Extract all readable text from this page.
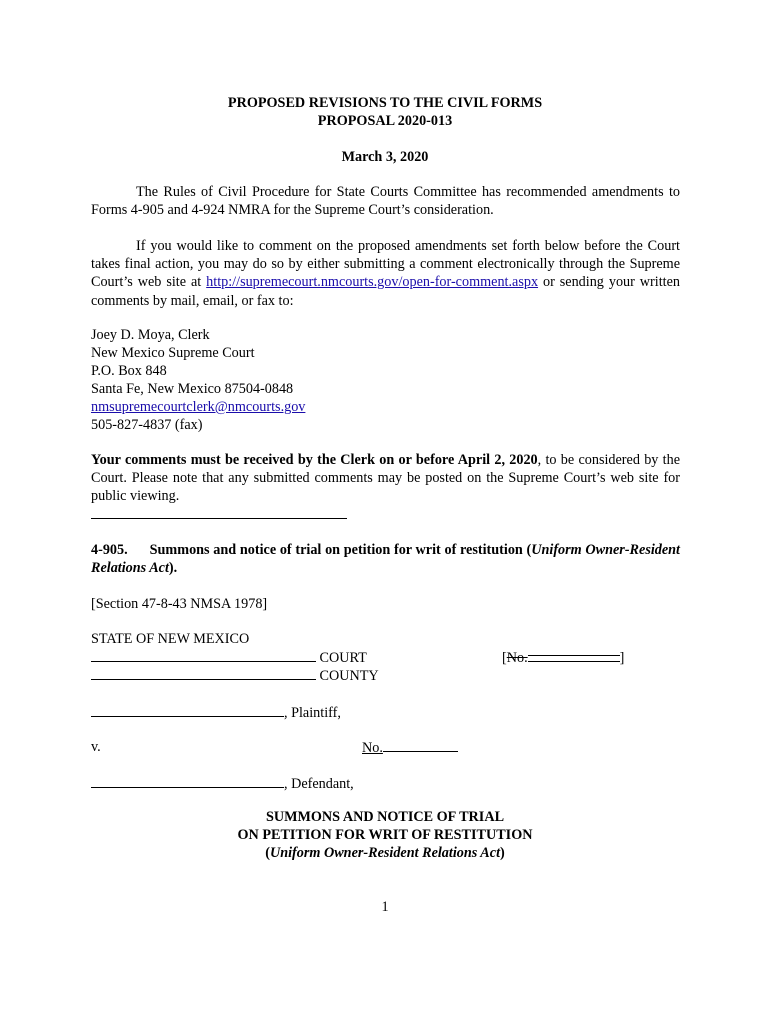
PROPOSED REVISIONS TO THE CIVIL FORMS
PROPOSAL 2020-013
March 3, 2020
The Rules of Civil Procedure for State Courts Committee has recommended amendments to Forms 4-905 and 4-924 NMRA for the Supreme Court’s consideration.
If you would like to comment on the proposed amendments set forth below before the Court takes final action, you may do so by either submitting a comment electronically through the Supreme Court’s web site at http://supremecourt.nmcourts.gov/open-for-comment.aspx or sending your written comments by mail, email, or fax to:
Joey D. Moya, Clerk
New Mexico Supreme Court
P.O. Box 848
Santa Fe, New Mexico 87504-0848
nmsupremecourtclerk@nmcourts.gov
505-827-4837 (fax)
Your comments must be received by the Clerk on or before April 2, 2020, to be considered by the Court. Please note that any submitted comments may be posted on the Supreme Court’s web site for public viewing.
4-905. Summons and notice of trial on petition for writ of restitution (Uniform Owner-Resident Relations Act).
[Section 47-8-43 NMSA 1978]
STATE OF NEW MEXICO
COURT	[No.	]
COUNTY
, Plaintiff,
v.	No.
, Defendant,
SUMMONS AND NOTICE OF TRIAL
ON PETITION FOR WRIT OF RESTITUTION
(Uniform Owner-Resident Relations Act)
1
